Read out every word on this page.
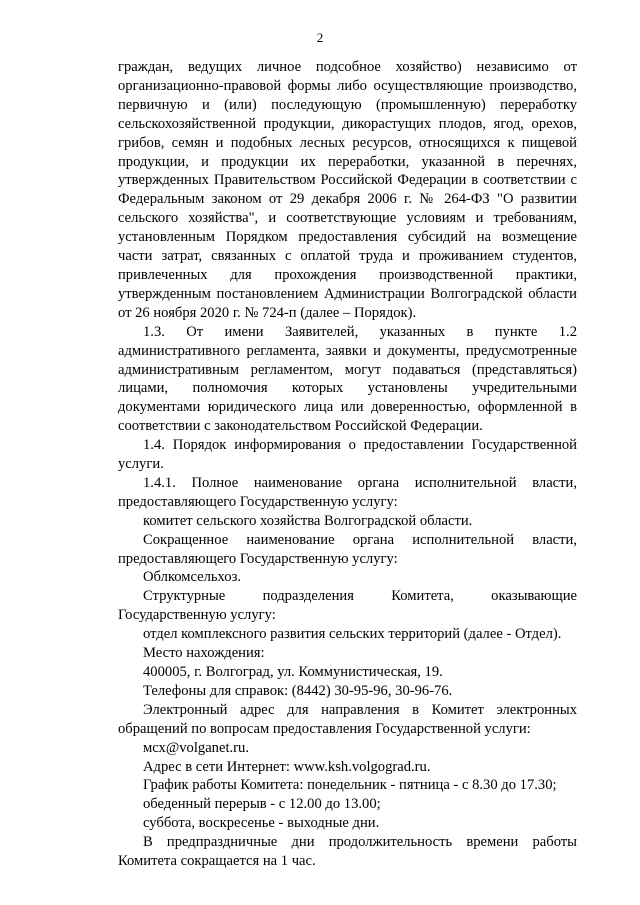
2

граждан, ведущих личное подсобное хозяйство) независимо от организационно-правовой формы либо осуществляющие производство, первичную и (или) последующую (промышленную) переработку сельскохозяйственной продукции, дикорастущих плодов, ягод, орехов, грибов, семян и подобных лесных ресурсов, относящихся к пищевой продукции, и продукции их переработки, указанной в перечнях, утвержденных Правительством Российской Федерации в соответствии с Федеральным законом от 29 декабря 2006 г. № 264-ФЗ "О развитии сельского хозяйства", и соответствующие условиям и требованиям, установленным Порядком предоставления субсидий на возмещение части затрат, связанных с оплатой труда и проживанием студентов, привлеченных для прохождения производственной практики, утвержденным постановлением Администрации Волгоградской области от 26 ноября 2020 г. № 724-п (далее – Порядок).

1.3. От имени Заявителей, указанных в пункте 1.2 административного регламента, заявки и документы, предусмотренные административным регламентом, могут подаваться (представляться) лицами, полномочия которых установлены учредительными документами юридического лица или доверенностью, оформленной в соответствии с законодательством Российской Федерации.

1.4. Порядок информирования о предоставлении Государственной услуги.

1.4.1. Полное наименование органа исполнительной власти, предоставляющего Государственную услугу:

комитет сельского хозяйства Волгоградской области.

Сокращенное наименование органа исполнительной власти, предоставляющего Государственную услугу:

Облкомсельхоз.

Структурные подразделения Комитета, оказывающие Государственную услугу:

отдел комплексного развития сельских территорий (далее - Отдел).

Место нахождения:

400005, г. Волгоград, ул. Коммунистическая, 19.

Телефоны для справок: (8442) 30-95-96, 30-96-76.

Электронный адрес для направления в Комитет электронных обращений по вопросам предоставления Государственной услуги:

мсх@volganet.ru.

Адрес в сети Интернет: www.ksh.volgograd.ru.

График работы Комитета: понедельник - пятница - с 8.30 до 17.30;

обеденный перерыв - с 12.00 до 13.00;

суббота, воскресенье - выходные дни.

В предпраздничные дни продолжительность времени работы Комитета сокращается на 1 час.
